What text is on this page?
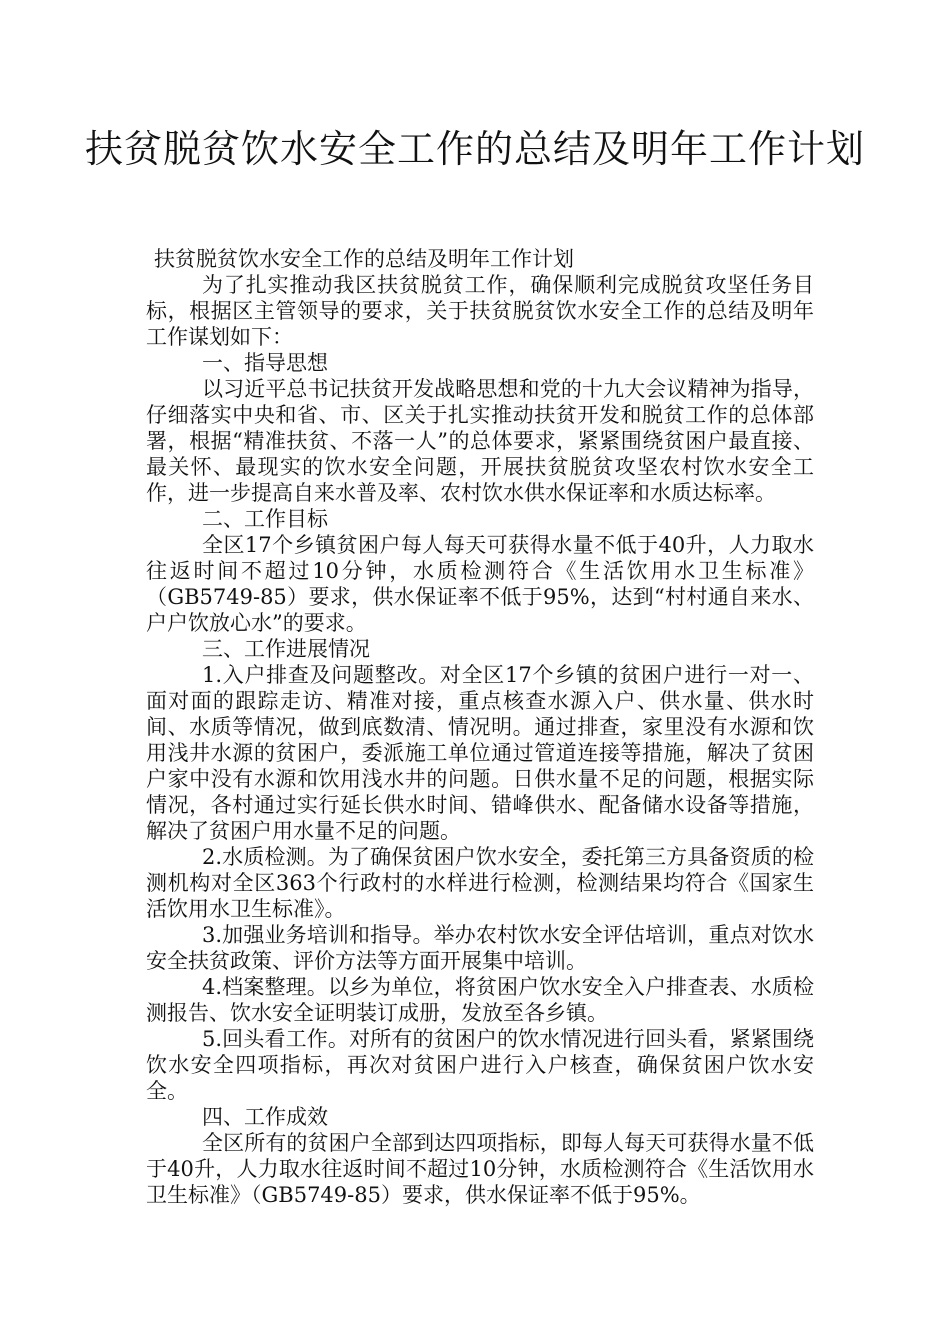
扶贫脱贫饮水安全工作的总结及明年工作计划

扶贫脱贫饮水安全工作的总结及明年工作计划

为了扎实推动我区扶贫脱贫工作，确保顺利完成脱贫攻坚任务目标，根据区主管领导的要求，关于扶贫脱贫饮水安全工作的总结及明年工作谋划如下：

一、指导思想

以习近平总书记扶贫开发战略思想和党的十九大会议精神为指导，仔细落实中央和省、市、区关于扎实推动扶贫开发和脱贫工作的总体部署，根据“精准扶贫、不落一人”的总体要求，紧紧围绕贫困户最直接、最关怀、最现实的饮水安全问题，开展扶贫脱贫攻坚农村饮水安全工作，进一步提高自来水普及率、农村饮水供水保证率和水质达标率。

二、工作目标

全区17个乡镇贫困户每人每天可获得水量不低于40升，人力取水往返时间不超过10分钟，水质检测符合《生活饮用水卫生标准》（GB5749-85）要求，供水保证率不低于95%，达到“村村通自来水、户户饮放心水”的要求。

三、工作进展情况

1.入户排查及问题整改。对全区17个乡镇的贫困户进行一对一、面对面的跟踪走访、精准对接，重点核查水源入户、供水量、供水时间、水质等情况，做到底数清、情况明。通过排查，家里没有水源和饮用浅井水源的贫困户，委派施工单位通过管道连接等措施，解决了贫困户家中没有水源和饮用浅水井的问题。日供水量不足的问题，根据实际情况，各村通过实行延长供水时间、错峰供水、配备储水设备等措施，解决了贫困户用水量不足的问题。

2.水质检测。为了确保贫困户饮水安全，委托第三方具备资质的检测机构对全区363个行政村的水样进行检测，检测结果均符合《国家生活饮用水卫生标准》。

3.加强业务培训和指导。举办农村饮水安全评估培训，重点对饮水安全扶贫政策、评价方法等方面开展集中培训。

4.档案整理。以乡为单位，将贫困户饮水安全入户排查表、水质检测报告、饮水安全证明装订成册，发放至各乡镇。

5.回头看工作。对所有的贫困户的饮水情况进行回头看，紧紧围绕饮水安全四项指标，再次对贫困户进行入户核查，确保贫困户饮水安全。

四、工作成效

全区所有的贫困户全部到达四项指标，即每人每天可获得水量不低于40升，人力取水往返时间不超过10分钟，水质检测符合《生活饮用水卫生标准》（GB5749-85）要求，供水保证率不低于95%。
